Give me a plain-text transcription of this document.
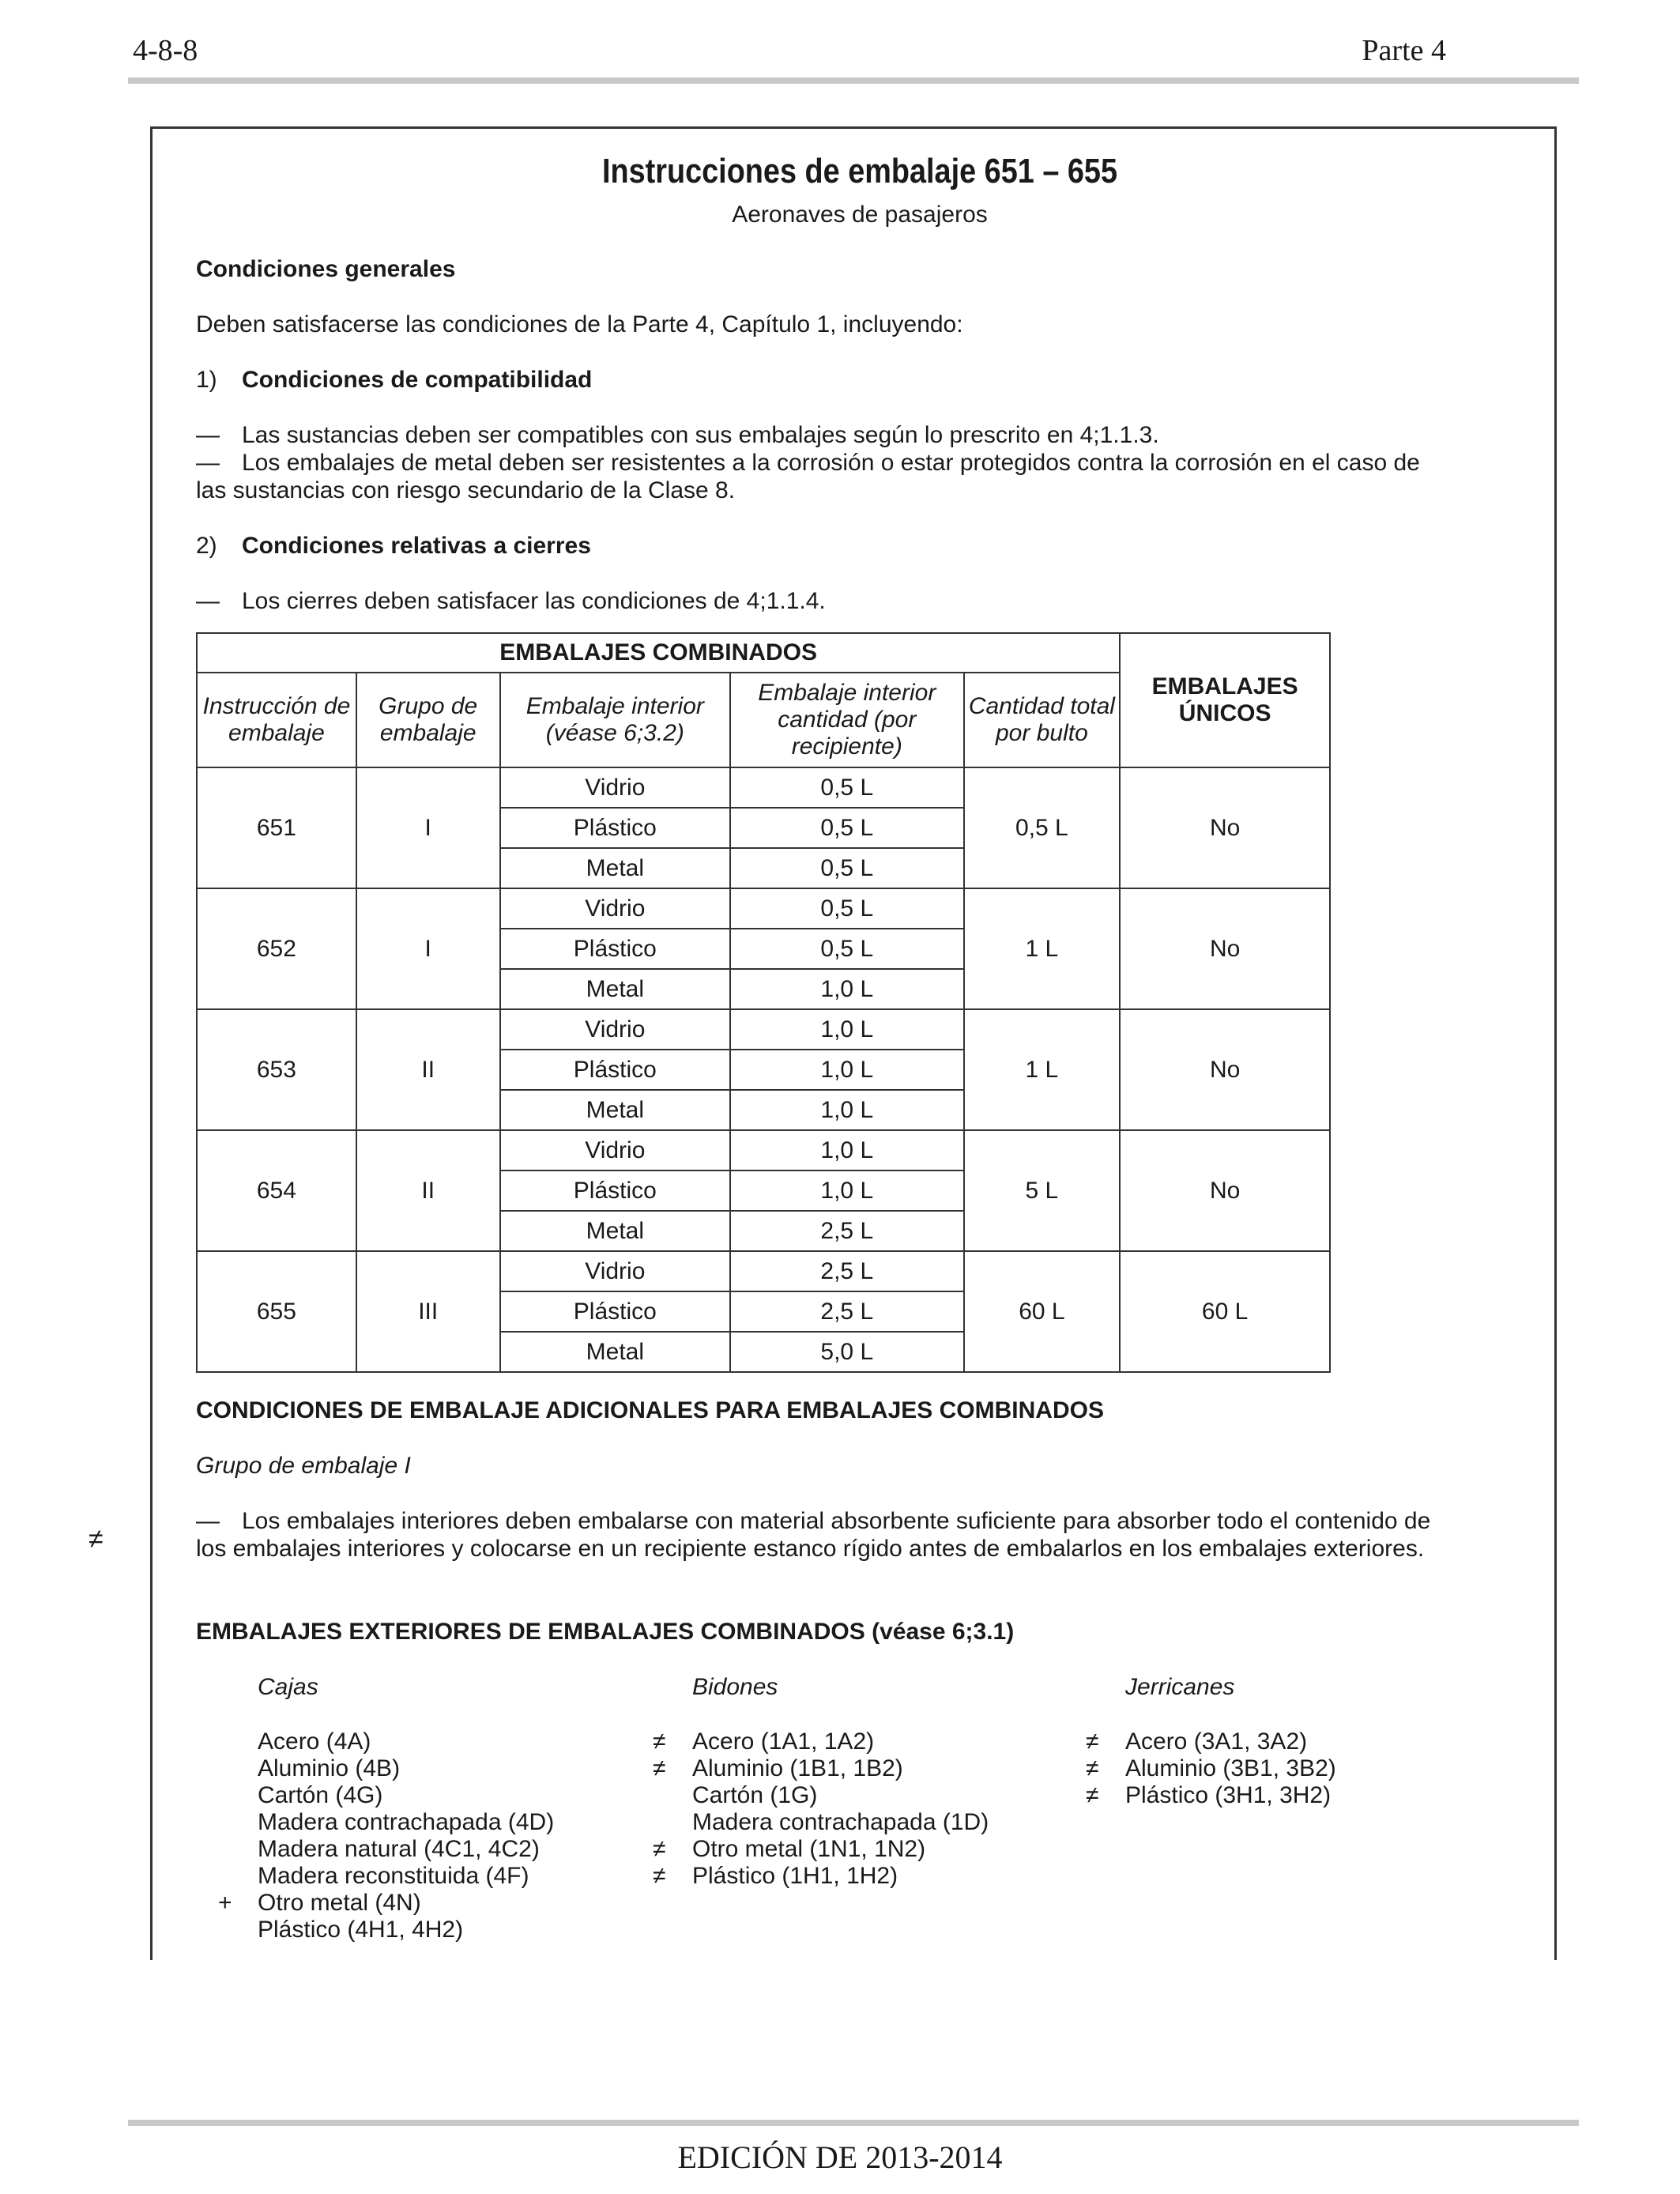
4-8-8	Parte 4
≠
Instrucciones de embalaje 651 – 655
Aeronaves de pasajeros

Condiciones generales

Deben satisfacerse las condiciones de la Parte 4, Capítulo 1, incluyendo:

1) Condiciones de compatibilidad

— Las sustancias deben ser compatibles con sus embalajes según lo prescrito en 4;1.1.3.

— Los embalajes de metal deben ser resistentes a la corrosión o estar protegidos contra la corrosión en el caso de

las sustancias con riesgo secundario de la Clase 8.

2) Condiciones relativas a cierres

— Los cierres deben satisfacer las condiciones de 4;1.1.4.

EMBALAJES COMBINADOS					EMBALAJES ÚNICOS
Instrucción de embalaje	Grupo de embalaje	Embalaje interior (véase 6;3.2)	Embalaje interior cantidad (por recipiente)	Cantidad total por bulto	
651	I	Vidrio	0,5 L	0,5 L	No
		Plástico	0,5 L		
		Metal	0,5 L		
652	I	Vidrio	0,5 L	1 L	No
		Plástico	0,5 L		
		Metal	1,0 L		
653	II	Vidrio	1,0 L	1 L	No
		Plástico	1,0 L		
		Metal	1,0 L		
654	II	Vidrio	1,0 L	5 L	No
		Plástico	1,0 L		
		Metal	2,5 L		
655	III	Vidrio	2,5 L	60 L	60 L
		Plástico	2,5 L		
		Metal	5,0 L		

CONDICIONES DE EMBALAJE ADICIONALES PARA EMBALAJES COMBINADOS

Grupo de embalaje I

— Los embalajes interiores deben embalarse con material absorbente suficiente para absorber todo el contenido de

los embalajes interiores y colocarse en un recipiente estanco rígido antes de embalarlos en los embalajes exteriores.

EMBALAJES EXTERIORES DE EMBALAJES COMBINADOS (véase 6;3.1)

Cajas
Acero (4A)
Aluminio (4B)
Cartón (4G)
Madera contrachapada (4D)
Madera natural (4C1, 4C2)
Madera reconstituida (4F)
+ Otro metal (4N)
Plástico (4H1, 4H2)
Bidones
≠ Acero (1A1, 1A2)
≠ Aluminio (1B1, 1B2)
Cartón (1G)
Madera contrachapada (1D)
≠ Otro metal (1N1, 1N2)
≠ Plástico (1H1, 1H2)
Jerricanes
≠ Acero (3A1, 3A2)
≠ Aluminio (3B1, 3B2)
≠ Plástico (3H1, 3H2)
EDICIÓN DE 2013-2014
